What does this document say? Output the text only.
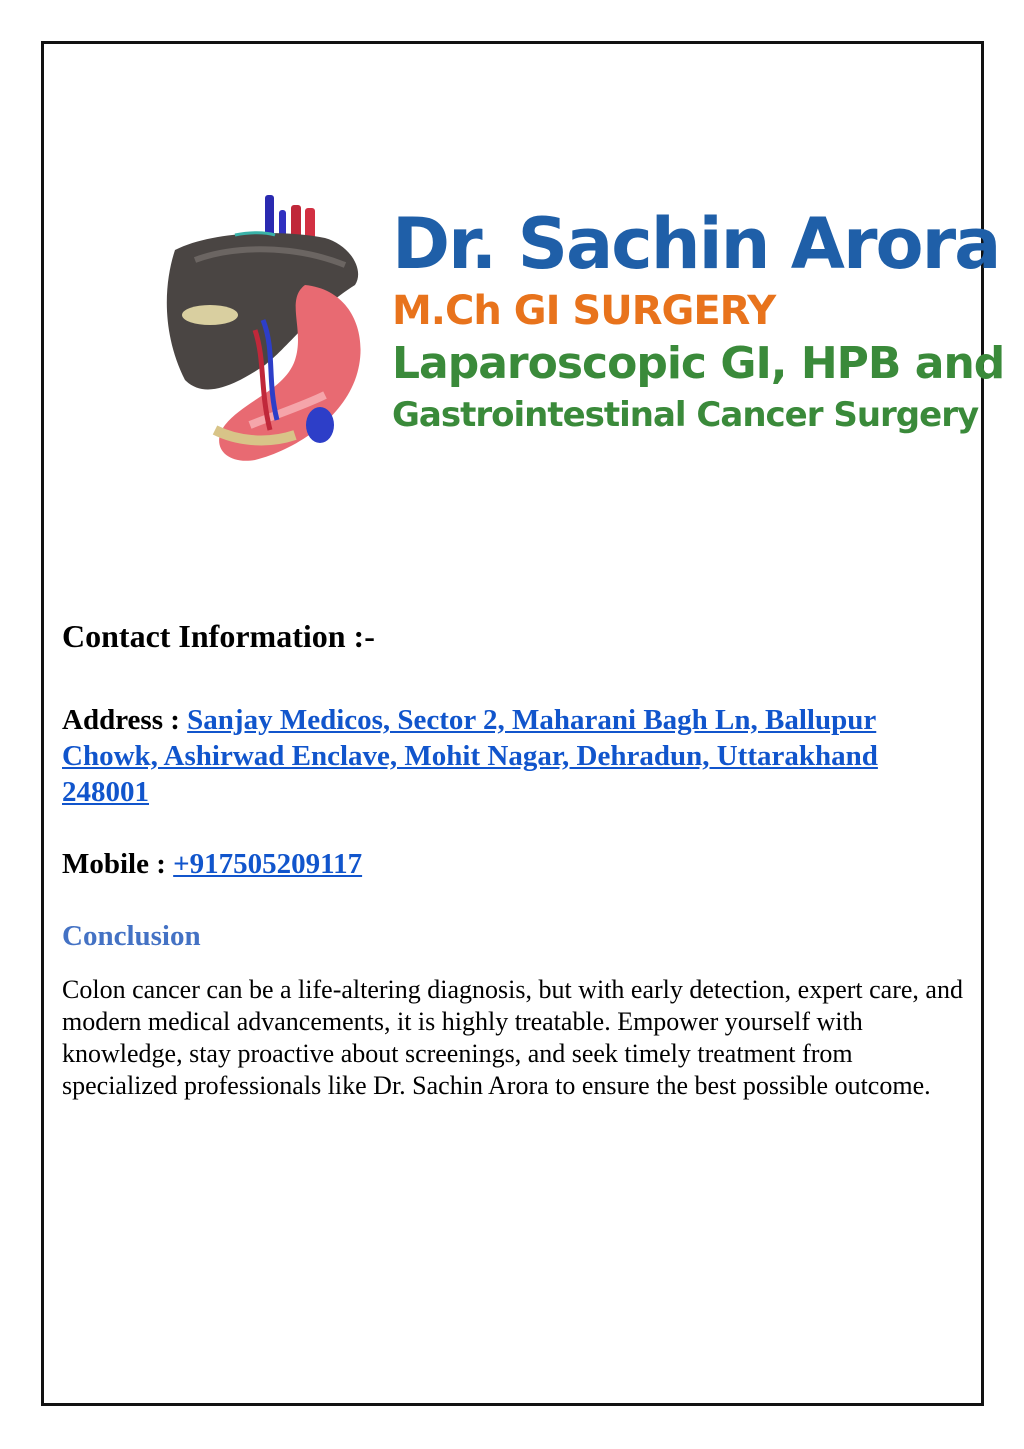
Dr. Sachin Arora
M.Ch GI SURGERY
Laparoscopic GI, HPB and
Gastrointestinal Cancer Surgery
Contact Information :-

Address : Sanjay Medicos, Sector 2, Maharani Bagh Ln, Ballupur Chowk, Ashirwad Enclave, Mohit Nagar, Dehradun, Uttarakhand 248001

Mobile : +917505209117

Conclusion

Colon cancer can be a life-altering diagnosis, but with early detection, expert care, and modern medical advancements, it is highly treatable. Empower yourself with knowledge, stay proactive about screenings, and seek timely treatment from specialized professionals like Dr. Sachin Arora to ensure the best possible outcome.
